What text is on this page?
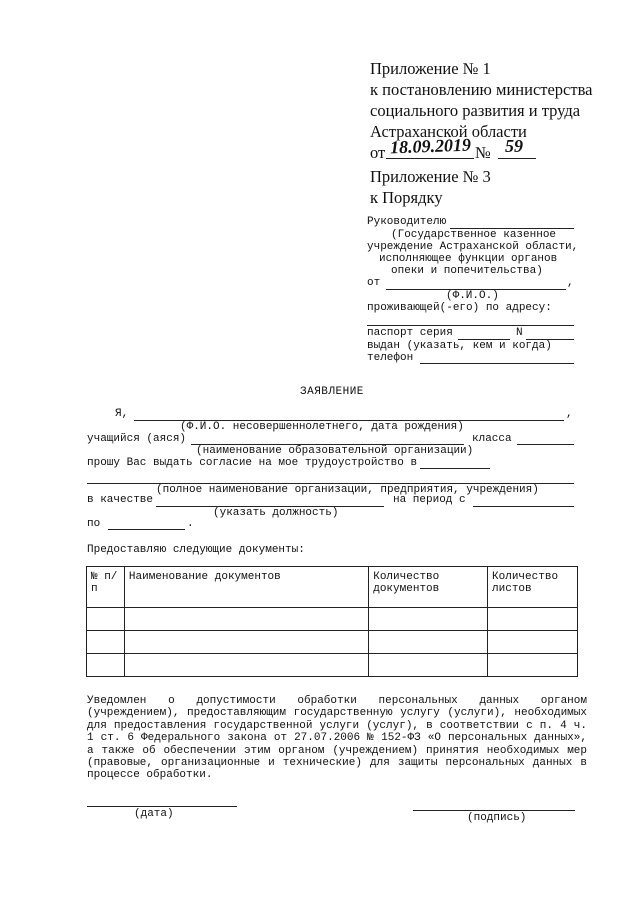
Приложение № 1
к постановлению министерства
социального развития и труда
Астраханской области
от 18.09.2019 № 59
Приложение № 3
к Порядку
Руководителю
(Государственное казенное
учреждение Астраханской области,
исполняющее функции органов
опеки и попечительства)
от	,
(Ф.И.О.)
проживающей(-его) по адресу:
паспорт серия	N
выдан (указать, кем и когда)
телефон
ЗАЯВЛЕНИЕ
Я,	,
(Ф.И.О. несовершеннолетнего, дата рождения)
учащийся (аяся)	класса
(наименование образовательной организации)
прошу Вас выдать согласие на мое трудоустройство в
(полное наименование организации, предприятия, учреждения)
в качестве	на период с
(указать должность)
по	.
Предоставляю следующие документы:
№ п/п	Наименование документов	Количество документов	Количество листов

Уведомлен о допустимости обработки персональных данных органом (учреждением), предоставляющим государственную услугу (услуги), необходимых для предоставления государственной услуги (услуг), в соответствии с п. 4 ч. 1 ст. 6 Федерального закона от 27.07.2006 № 152-ФЗ «О персональных данных», а также об обеспечении этим органом (учреждением) принятия необходимых мер (правовые, организационные и технические) для защиты персональных данных в процессе обработки.
(дата)	(подпись)
